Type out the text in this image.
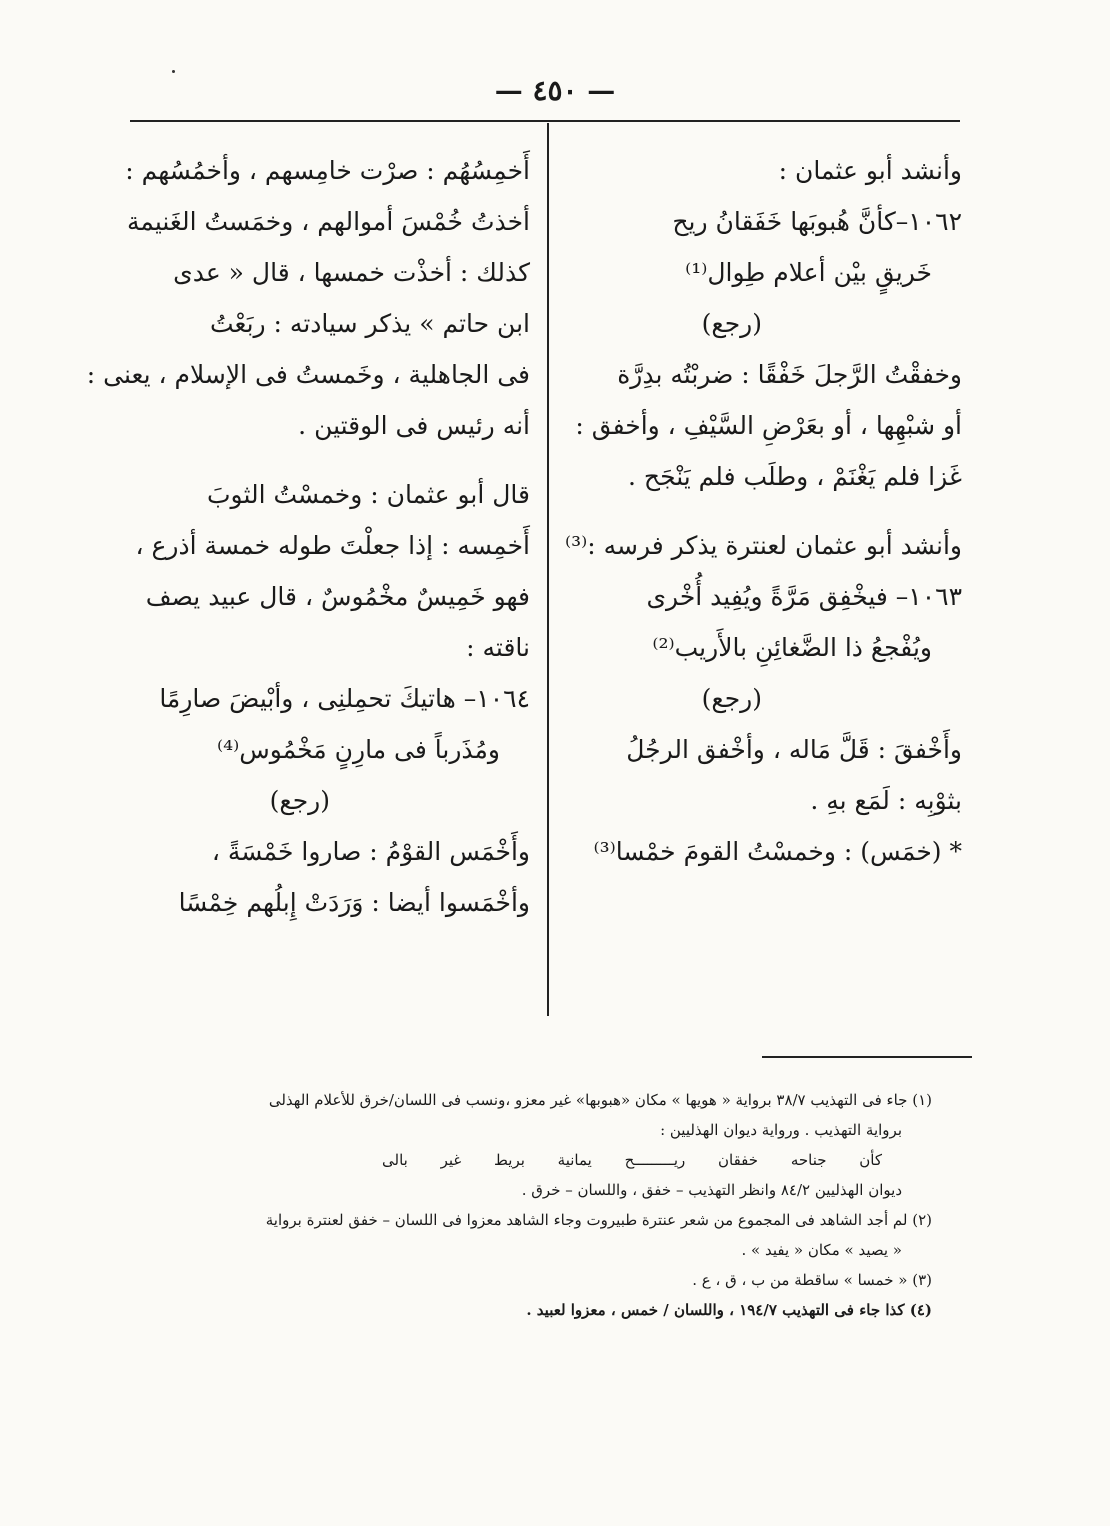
— ٤٥٠ —
وأنشد أبو عثمان :
١٠٦٢–كأنَّ هُبوبَها خَفَقانُ ريح
خَريقٍ بيْن أعلام طِوال⁽¹⁾
(رجع)
وخفقْتُ الرَّجلَ خَفْقًا : ضربْتُه بدِرَّة
أو شبْهِها ، أو بعَرْضِ السَّيْفِ ، وأخفق :
غَزا فلم يَغْنَمْ ، وطلَب فلم يَنْجَح .
وأنشد أبو عثمان لعنترة يذكر فرسه :⁽³⁾
١٠٦٣– فيخْفِق مَرَّةً ويُفِيد أُخْرى
ويُفْجعُ ذا الضَّغائِنِ بالأَريب⁽²⁾
(رجع)
وأَخْفقَ : قَلَّ مَاله ، وأخْفق الرجُلُ
بثوْبِه : لَمَع بهِ .
* (خمَس) : وخمسْتُ القومَ خمْسا⁽³⁾
أَخمِسُهُم : صرْت خامِسهم ، وأخمُسُهم :
أخذتُ خُمْسَ أموالهم ، وخمَستُ الغَنيمة
كذلك : أخذْت خمسها ، قال « عدى
ابن حاتم » يذكر سيادته : ربَعْتُ
فى الجاهلية ، وخَمستُ فى الإسلام ، يعنى :
أنه رئيس فى الوقتين .
قال أبو عثمان : وخمسْتُ الثوبَ
أَخمِسه : إذا جعلْتَ طوله خمسة أذرع ،
فهو خَمِيسٌ مخْمُوسٌ ، قال عبيد يصف
ناقته :
١٠٦٤– هاتيكَ تحمِلنِى ، وأبْيضَ صارِمًا
ومُذَرباً فى مارِنٍ مَخْمُوس⁽⁴⁾
(رجع)
وأَخْمَس القوْمُ : صاروا خَمْسَةً ،
وأخْمَسوا أيضا : وَرَدَتْ إِبلُهم خِمْسًا
(١) جاء فى التهذيب ٣٨/٧ برواية « هويها » مكان «هبوبها» غير معزو ،ونسب فى اللسان/خرق للأعلام الهذلى
برواية التهذيب . ورواية ديوان الهذليين :
كأن جناحه خفقان ريـــــــــح يمانية بريط غير بالى
ديوان الهذليين ٨٤/٢ وانظر التهذيب – خفق ، واللسان – خرق .
(٢) لم أجد الشاهد فى المجموع من شعر عنترة طبيروت وجاء الشاهد معزوا فى اللسان – خفق لعنترة برواية
« يصيد » مكان « يفيد » .
(٣) « خمسا » ساقطة من ب ، ق ، ع .
(٤) كذا جاء فى التهذيب ١٩٤/٧ ، واللسان / خمس ، معزوا لعبيد .
